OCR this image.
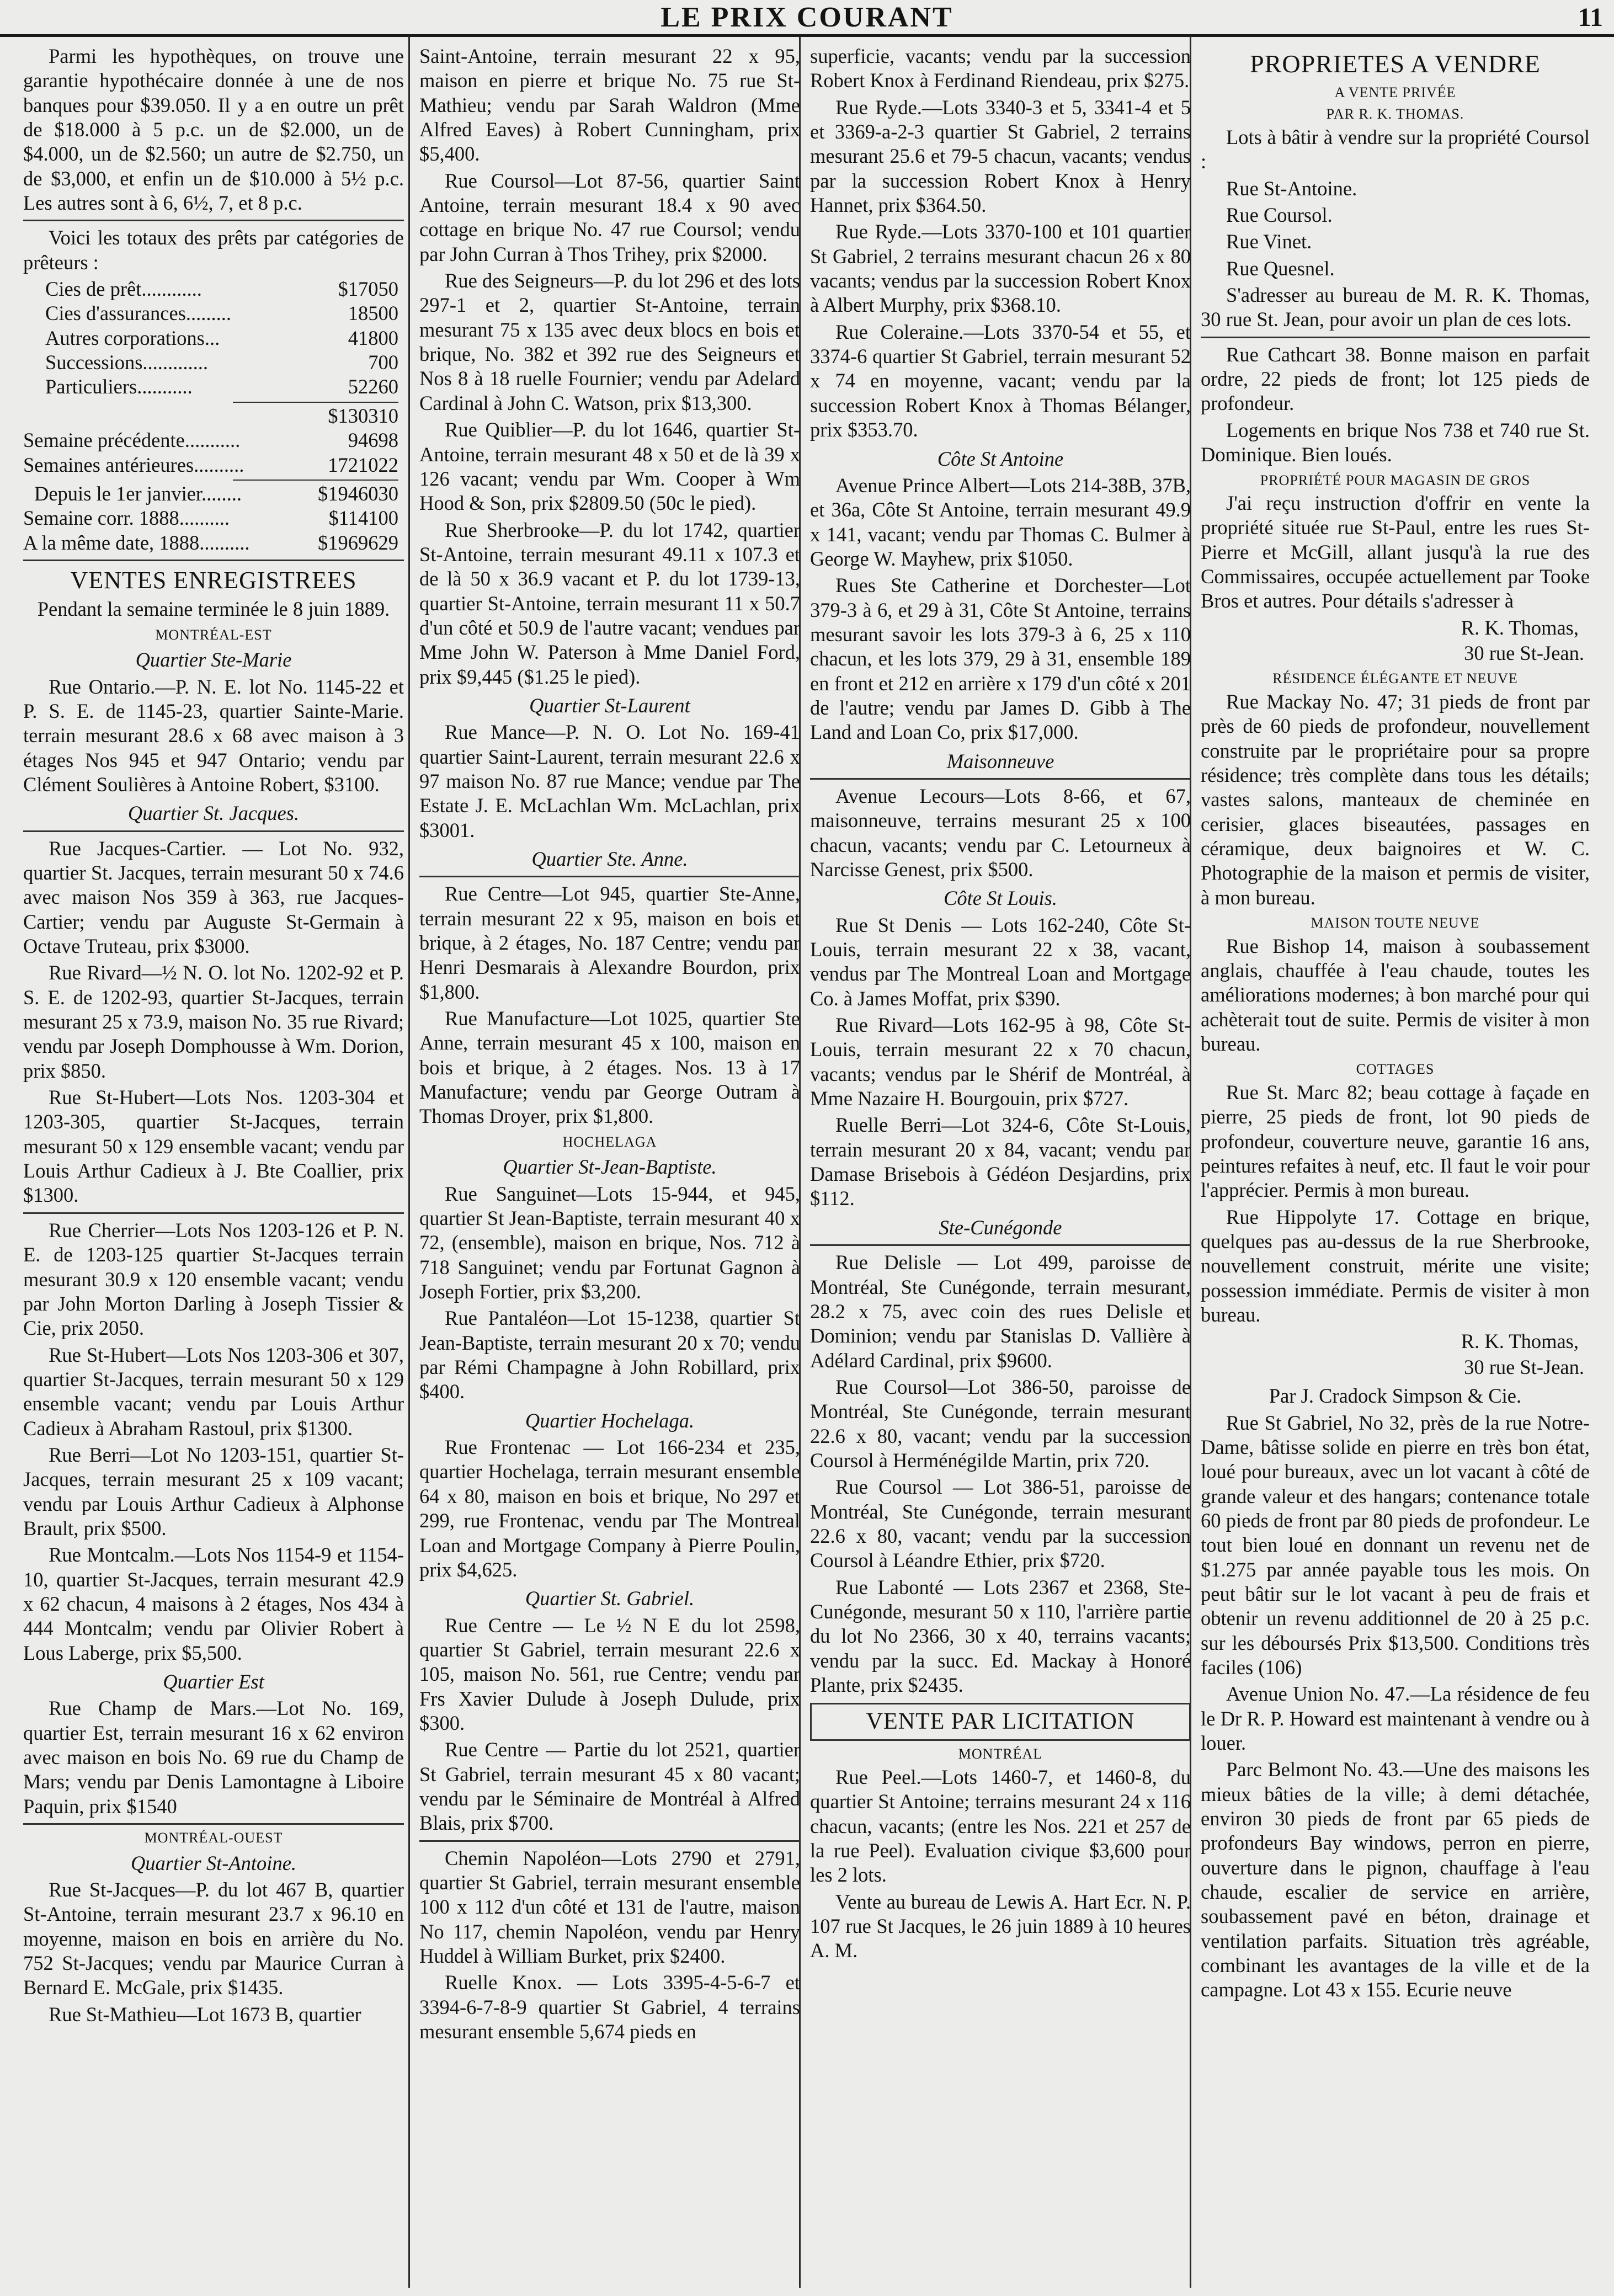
LE PRIX COURANT	11

Parmi les hypothèques, on trouve une garantie hypothécaire donnée à une de nos banques pour $39.050. Il y a en outre un prêt de $18.000 à 5 p.c. un de $2.000, un de $4.000, un de $2.560; un autre de $2.750, un de $3,000, et enfin un de $10.000 à 5½ p.c. Les autres sont à 6, 6½, 7, et 8 p.c.

Voici les totaux des prêts par catégories de prêteurs :

Cies de prêt............	$17050
Cies d'assurances.........	18500
Autres corporations...	41800
Successions.............	700
Particuliers...........	52260
$130310
Semaine précédente...........	94698
Semaines antérieures..........	1721022
Depuis le 1er janvier........	$1946030
Semaine corr. 1888..........	$114100
A la même date, 1888..........	$1969629
VENTES ENREGISTREES
Pendant la semaine terminée le 8 juin 1889.
MONTRÉAL-EST
Quartier Ste-Marie

Rue Ontario.—P. N. E. lot No. 1145-22 et P. S. E. de 1145-23, quartier Sainte-Marie. terrain mesurant 28.6 x 68 avec maison à 3 étages Nos 945 et 947 Ontario; vendu par Clément Soulières à Antoine Robert, $3100.

Quartier St. Jacques.

Rue Jacques-Cartier. — Lot No. 932, quartier St. Jacques, terrain mesurant 50 x 74.6 avec maison Nos 359 à 363, rue Jacques-Cartier; vendu par Auguste St-Germain à Octave Truteau, prix $3000.

Rue Rivard—½ N. O. lot No. 1202-92 et P. S. E. de 1202-93, quartier St-Jacques, terrain mesurant 25 x 73.9, maison No. 35 rue Rivard; vendu par Joseph Domphousse à Wm. Dorion, prix $850.

Rue St-Hubert—Lots Nos. 1203-304 et 1203-305, quartier St-Jacques, terrain mesurant 50 x 129 ensemble vacant; vendu par Louis Arthur Cadieux à J. Bte Coallier, prix $1300.

Rue Cherrier—Lots Nos 1203-126 et P. N. E. de 1203-125 quartier St-Jacques terrain mesurant 30.9 x 120 ensemble vacant; vendu par John Morton Darling à Joseph Tissier & Cie, prix 2050.

Rue St-Hubert—Lots Nos 1203-306 et 307, quartier St-Jacques, terrain mesurant 50 x 129 ensemble vacant; vendu par Louis Arthur Cadieux à Abraham Rastoul, prix $1300.

Rue Berri—Lot No 1203-151, quartier St-Jacques, terrain mesurant 25 x 109 vacant; vendu par Louis Arthur Cadieux à Alphonse Brault, prix $500.

Rue Montcalm.—Lots Nos 1154-9 et 1154-10, quartier St-Jacques, terrain mesurant 42.9 x 62 chacun, 4 maisons à 2 étages, Nos 434 à 444 Montcalm; vendu par Olivier Robert à Lous Laberge, prix $5,500.

Quartier Est

Rue Champ de Mars.—Lot No. 169, quartier Est, terrain mesurant 16 x 62 environ avec maison en bois No. 69 rue du Champ de Mars; vendu par Denis Lamontagne à Liboire Paquin, prix $1540

MONTRÉAL-OUEST
Quartier St-Antoine.

Rue St-Jacques—P. du lot 467 B, quartier St-Antoine, terrain mesurant 23.7 x 96.10 en moyenne, maison en bois en arrière du No. 752 St-Jacques; vendu par Maurice Curran à Bernard E. McGale, prix $1435.

Rue St-Mathieu—Lot 1673 B, quartier

Saint-Antoine, terrain mesurant 22 x 95, maison en pierre et brique No. 75 rue St-Mathieu; vendu par Sarah Waldron (Mme Alfred Eaves) à Robert Cunningham, prix $5,400.

Rue Coursol—Lot 87-56, quartier Saint Antoine, terrain mesurant 18.4 x 90 avec cottage en brique No. 47 rue Coursol; vendu par John Curran à Thos Trihey, prix $2000.

Rue des Seigneurs—P. du lot 296 et des lots 297-1 et 2, quartier St-Antoine, terrain mesurant 75 x 135 avec deux blocs en bois et brique, No. 382 et 392 rue des Seigneurs et Nos 8 à 18 ruelle Fournier; vendu par Adelard Cardinal à John C. Watson, prix $13,300.

Rue Quiblier—P. du lot 1646, quartier St-Antoine, terrain mesurant 48 x 50 et de là 39 x 126 vacant; vendu par Wm. Cooper à Wm Hood & Son, prix $2809.50 (50c le pied).

Rue Sherbrooke—P. du lot 1742, quartier St-Antoine, terrain mesurant 49.11 x 107.3 et de là 50 x 36.9 vacant et P. du lot 1739-13, quartier St-Antoine, terrain mesurant 11 x 50.7 d'un côté et 50.9 de l'autre vacant; vendues par Mme John W. Paterson à Mme Daniel Ford, prix $9,445 ($1.25 le pied).

Quartier St-Laurent

Rue Mance—P. N. O. Lot No. 169-41 quartier Saint-Laurent, terrain mesurant 22.6 x 97 maison No. 87 rue Mance; vendue par The Estate J. E. McLachlan Wm. McLachlan, prix $3001.

Quartier Ste. Anne.

Rue Centre—Lot 945, quartier Ste-Anne, terrain mesurant 22 x 95, maison en bois et brique, à 2 étages, No. 187 Centre; vendu par Henri Desmarais à Alexandre Bourdon, prix $1,800.

Rue Manufacture—Lot 1025, quartier Ste Anne, terrain mesurant 45 x 100, maison en bois et brique, à 2 étages. Nos. 13 à 17 Manufacture; vendu par George Outram à Thomas Droyer, prix $1,800.

HOCHELAGA
Quartier St-Jean-Baptiste.

Rue Sanguinet—Lots 15-944, et 945, quartier St Jean-Baptiste, terrain mesurant 40 x 72, (ensemble), maison en brique, Nos. 712 à 718 Sanguinet; vendu par Fortunat Gagnon à Joseph Fortier, prix $3,200.

Rue Pantaléon—Lot 15-1238, quartier St Jean-Baptiste, terrain mesurant 20 x 70; vendu par Rémi Champagne à John Robillard, prix $400.

Quartier Hochelaga.

Rue Frontenac — Lot 166-234 et 235, quartier Hochelaga, terrain mesurant ensemble 64 x 80, maison en bois et brique, No 297 et 299, rue Frontenac, vendu par The Montreal Loan and Mortgage Company à Pierre Poulin, prix $4,625.

Quartier St. Gabriel.

Rue Centre — Le ½ N E du lot 2598, quartier St Gabriel, terrain mesurant 22.6 x 105, maison No. 561, rue Centre; vendu par Frs Xavier Dulude à Joseph Dulude, prix $300.

Rue Centre — Partie du lot 2521, quartier St Gabriel, terrain mesurant 45 x 80 vacant; vendu par le Séminaire de Montréal à Alfred Blais, prix $700.

Chemin Napoléon—Lots 2790 et 2791, quartier St Gabriel, terrain mesurant ensemble 100 x 112 d'un côté et 131 de l'autre, maison No 117, chemin Napoléon, vendu par Henry Huddel à William Burket, prix $2400.

Ruelle Knox. — Lots 3395-4-5-6-7 et 3394-6-7-8-9 quartier St Gabriel, 4 terrains mesurant ensemble 5,674 pieds en

superficie, vacants; vendu par la succession Robert Knox à Ferdinand Riendeau, prix $275.

Rue Ryde.—Lots 3340-3 et 5, 3341-4 et 5 et 3369-a-2-3 quartier St Gabriel, 2 terrains mesurant 25.6 et 79-5 chacun, vacants; vendus par la succession Robert Knox à Henry Hannet, prix $364.50.

Rue Ryde.—Lots 3370-100 et 101 quartier St Gabriel, 2 terrains mesurant chacun 26 x 80 vacants; vendus par la succession Robert Knox à Albert Murphy, prix $368.10.

Rue Coleraine.—Lots 3370-54 et 55, et 3374-6 quartier St Gabriel, terrain mesurant 52 x 74 en moyenne, vacant; vendu par la succession Robert Knox à Thomas Bélanger, prix $353.70.

Côte St Antoine

Avenue Prince Albert—Lots 214-38B, 37B, et 36a, Côte St Antoine, terrain mesurant 49.9 x 141, vacant; vendu par Thomas C. Bulmer à George W. Mayhew, prix $1050.

Rues Ste Catherine et Dorchester—Lot 379-3 à 6, et 29 à 31, Côte St Antoine, terrains mesurant savoir les lots 379-3 à 6, 25 x 110 chacun, et les lots 379, 29 à 31, ensemble 189 en front et 212 en arrière x 179 d'un côté x 201 de l'autre; vendu par James D. Gibb à The Land and Loan Co, prix $17,000.

Maisonneuve

Avenue Lecours—Lots 8-66, et 67, maisonneuve, terrains mesurant 25 x 100 chacun, vacants; vendu par C. Letourneux à Narcisse Genest, prix $500.

Côte St Louis.

Rue St Denis — Lots 162-240, Côte St-Louis, terrain mesurant 22 x 38, vacant, vendus par The Montreal Loan and Mortgage Co. à James Moffat, prix $390.

Rue Rivard—Lots 162-95 à 98, Côte St-Louis, terrain mesurant 22 x 70 chacun, vacants; vendus par le Shérif de Montréal, à Mme Nazaire H. Bourgouin, prix $727.

Ruelle Berri—Lot 324-6, Côte St-Louis, terrain mesurant 20 x 84, vacant; vendu par Damase Brisebois à Gédéon Desjardins, prix $112.

Ste-Cunégonde

Rue Delisle — Lot 499, paroisse de Montréal, Ste Cunégonde, terrain mesurant, 28.2 x 75, avec coin des rues Delisle et Dominion; vendu par Stanislas D. Vallière à Adélard Cardinal, prix $9600.

Rue Coursol—Lot 386-50, paroisse de Montréal, Ste Cunégonde, terrain mesurant 22.6 x 80, vacant; vendu par la succession Coursol à Herménégilde Martin, prix 720.

Rue Coursol — Lot 386-51, paroisse de Montréal, Ste Cunégonde, terrain mesurant 22.6 x 80, vacant; vendu par la succession Coursol à Léandre Ethier, prix $720.

Rue Labonté — Lots 2367 et 2368, Ste-Cunégonde, mesurant 50 x 110, l'arrière partie du lot No 2366, 30 x 40, terrains vacants; vendu par la succ. Ed. Mackay à Honoré Plante, prix $2435.

VENTE PAR LICITATION
MONTRÉAL

Rue Peel.—Lots 1460-7, et 1460-8, du quartier St Antoine; terrains mesurant 24 x 116 chacun, vacants; (entre les Nos. 221 et 257 de la rue Peel). Evaluation civique $3,600 pour les 2 lots.

Vente au bureau de Lewis A. Hart Ecr. N. P. 107 rue St Jacques, le 26 juin 1889 à 10 heures A. M.

PROPRIETES A VENDRE
A VENTE PRIVÉE
PAR R. K. THOMAS.

Lots à bâtir à vendre sur la propriété Coursol :

Rue St-Antoine.

Rue Coursol.

Rue Vinet.

Rue Quesnel.

S'adresser au bureau de M. R. K. Thomas, 30 rue St. Jean, pour avoir un plan de ces lots.

Rue Cathcart 38. Bonne maison en parfait ordre, 22 pieds de front; lot 125 pieds de profondeur.

Logements en brique Nos 738 et 740 rue St. Dominique. Bien loués.

PROPRIÉTÉ POUR MAGASIN DE GROS

J'ai reçu instruction d'offrir en vente la propriété située rue St-Paul, entre les rues St-Pierre et McGill, allant jusqu'à la rue des Commissaires, occupée actuellement par Tooke Bros et autres. Pour détails s'adresser à

R. K. Thomas,
30 rue St-Jean.
RÉSIDENCE ÉLÉGANTE ET NEUVE

Rue Mackay No. 47; 31 pieds de front par près de 60 pieds de profondeur, nouvellement construite par le propriétaire pour sa propre résidence; très complète dans tous les détails; vastes salons, manteaux de cheminée en cerisier, glaces biseautées, passages en céramique, deux baignoires et W. C. Photographie de la maison et permis de visiter, à mon bureau.

MAISON TOUTE NEUVE

Rue Bishop 14, maison à soubassement anglais, chauffée à l'eau chaude, toutes les améliorations modernes; à bon marché pour qui achèterait tout de suite. Permis de visiter à mon bureau.

COTTAGES

Rue St. Marc 82; beau cottage à façade en pierre, 25 pieds de front, lot 90 pieds de profondeur, couverture neuve, garantie 16 ans, peintures refaites à neuf, etc. Il faut le voir pour l'apprécier. Permis à mon bureau.

Rue Hippolyte 17. Cottage en brique, quelques pas au-dessus de la rue Sherbrooke, nouvellement construit, mérite une visite; possession immédiate. Permis de visiter à mon bureau.

R. K. Thomas,
30 rue St-Jean.
Par J. Cradock Simpson & Cie.

Rue St Gabriel, No 32, près de la rue Notre-Dame, bâtisse solide en pierre en très bon état, loué pour bureaux, avec un lot vacant à côté de grande valeur et des hangars; contenance totale 60 pieds de front par 80 pieds de profondeur. Le tout bien loué en donnant un revenu net de $1.275 par année payable tous les mois. On peut bâtir sur le lot vacant à peu de frais et obtenir un revenu additionnel de 20 à 25 p.c. sur les déboursés Prix $13,500. Conditions très faciles (106)

Avenue Union No. 47.—La résidence de feu le Dr R. P. Howard est maintenant à vendre ou à louer.

Parc Belmont No. 43.—Une des maisons les mieux bâties de la ville; à demi détachée, environ 30 pieds de front par 65 pieds de profondeurs Bay windows, perron en pierre, ouverture dans le pignon, chauffage à l'eau chaude, escalier de service en arrière, soubassement pavé en béton, drainage et ventilation parfaits. Situation très agréable, combinant les avantages de la ville et de la campagne. Lot 43 x 155. Ecurie neuve
